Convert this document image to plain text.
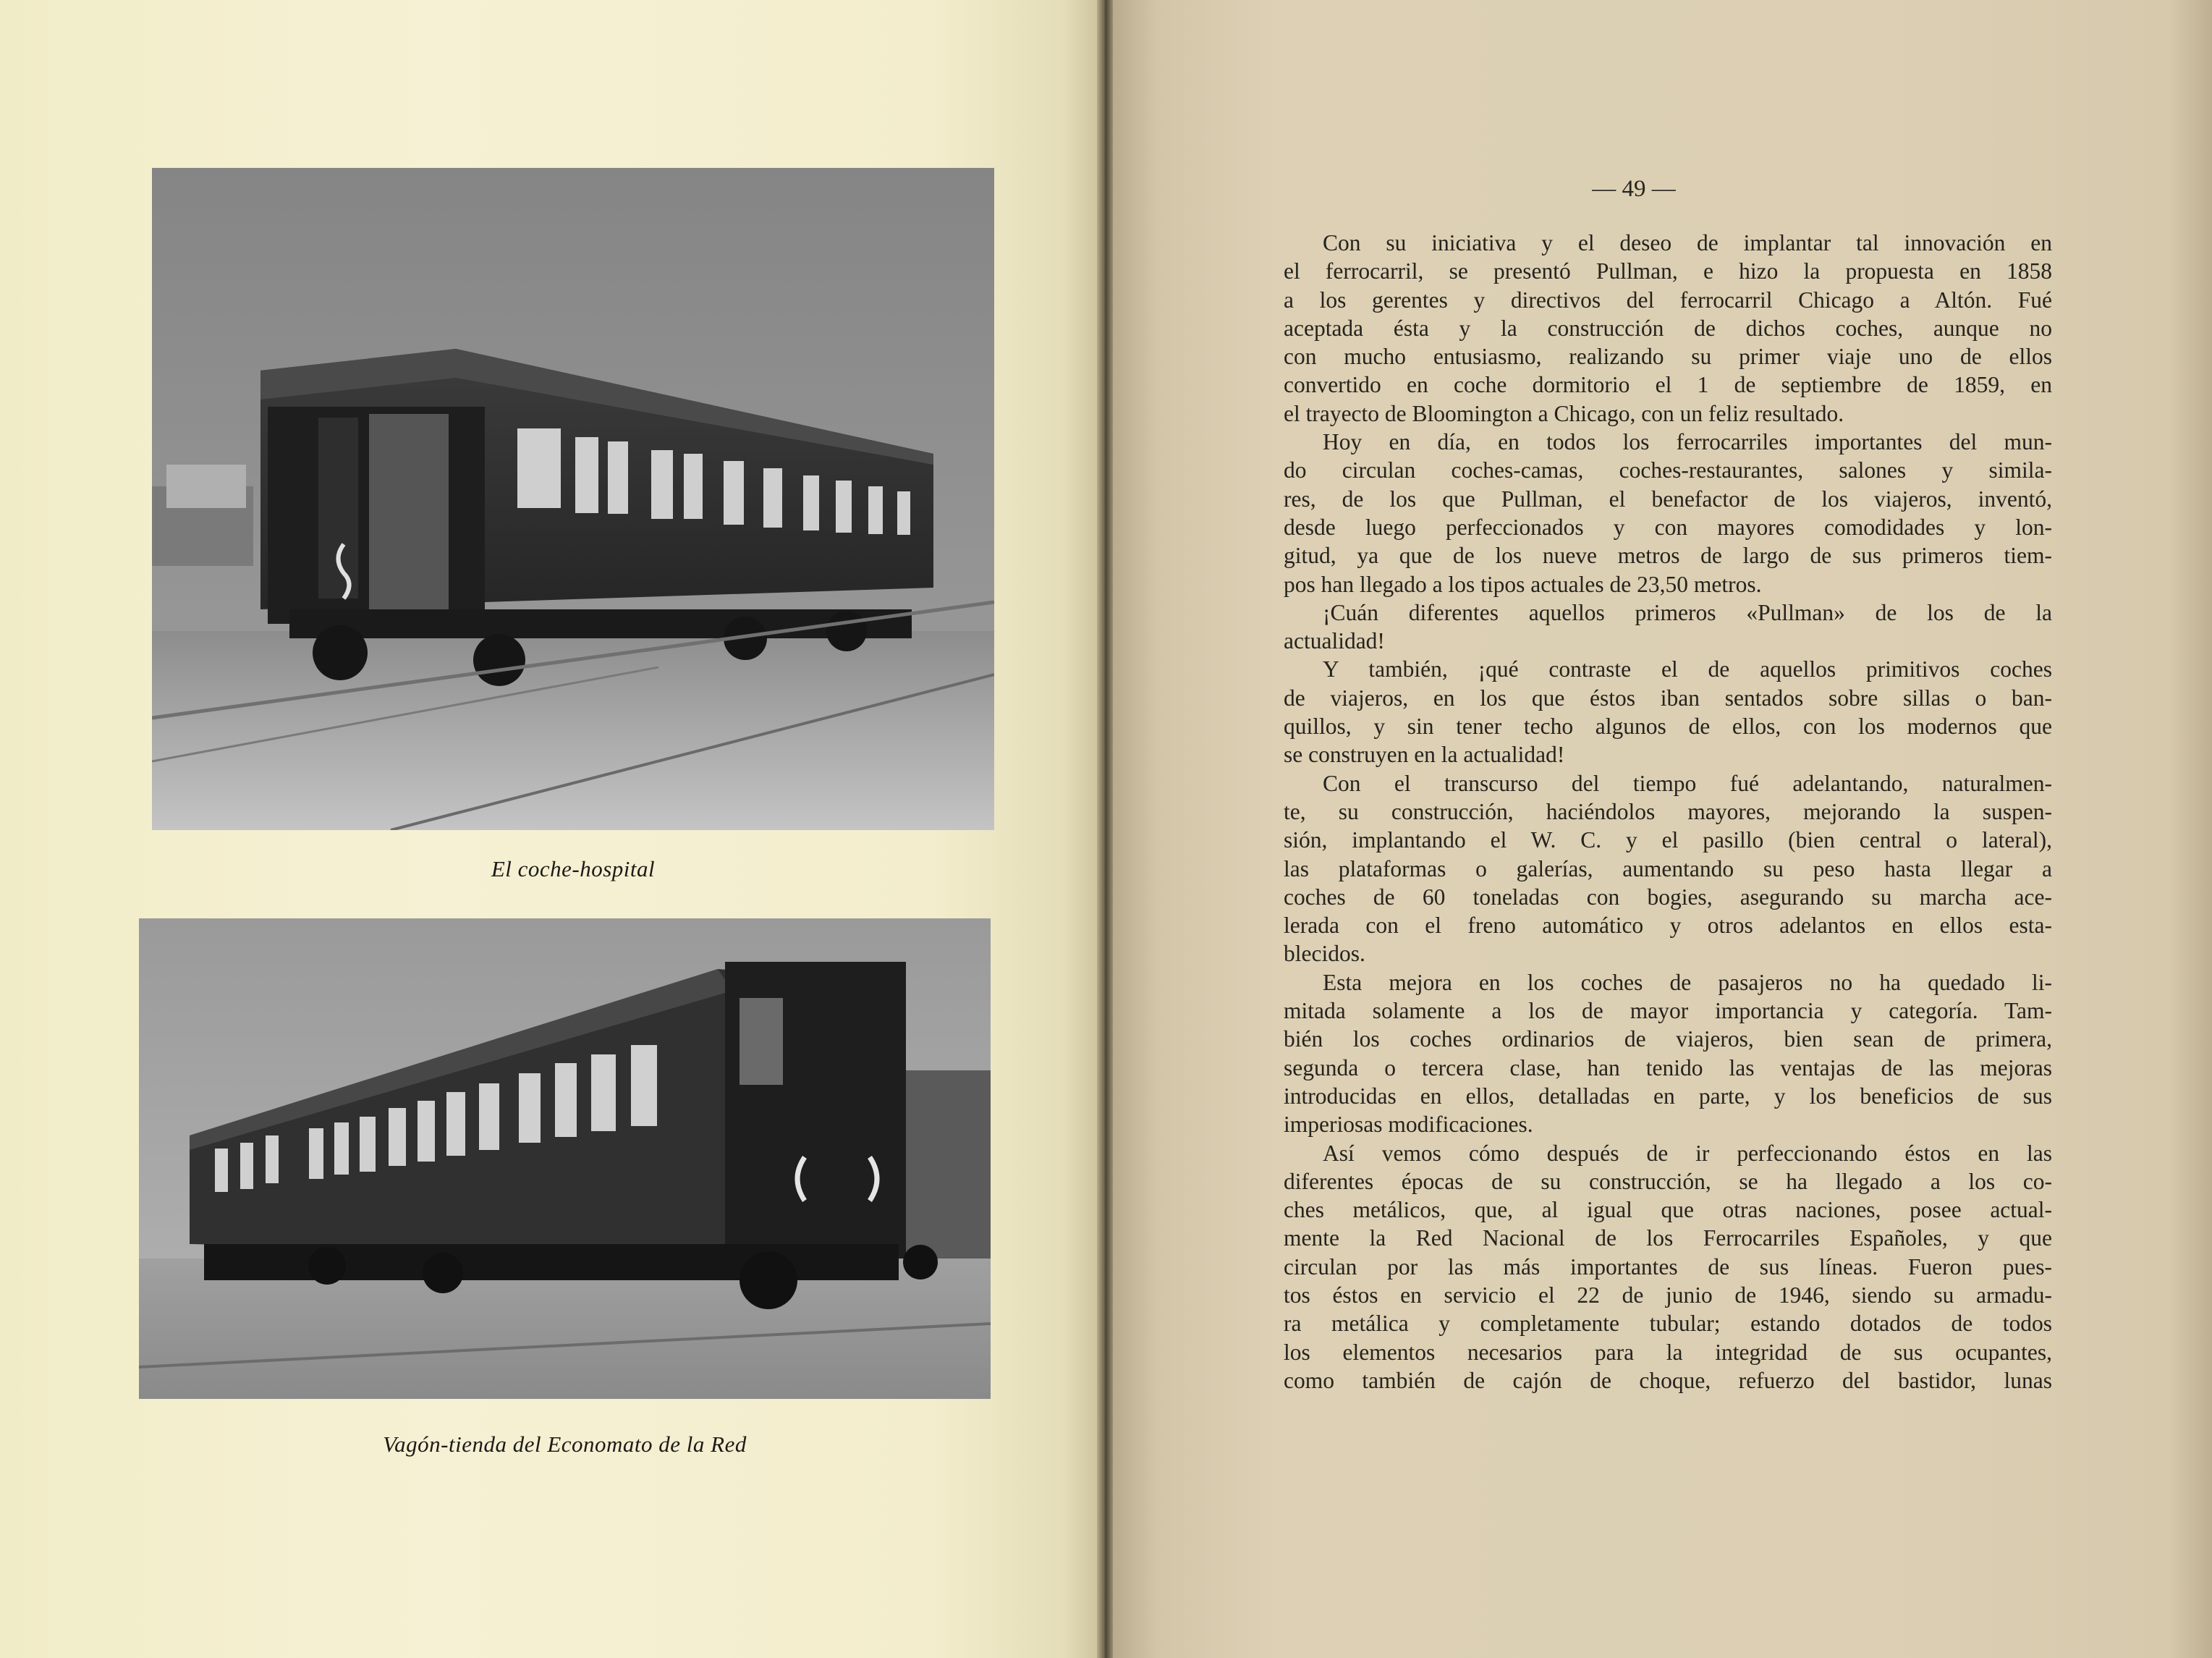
El coche-hospital
Vagón-tienda del Economato de la Red
— 49 —
Con su iniciativa y el deseo de implantar tal innovación en
el ferrocarril, se presentó Pullman, e hizo la propuesta en 1858
a los gerentes y directivos del ferrocarril Chicago a Altón. Fué
aceptada ésta y la construcción de dichos coches, aunque no
con mucho entusiasmo, realizando su primer viaje uno de ellos
convertido en coche dormitorio el 1 de septiembre de 1859, en
el trayecto de Bloomington a Chicago, con un feliz resultado.
Hoy en día, en todos los ferrocarriles importantes del mun-
do circulan coches-camas, coches-restaurantes, salones y simila-
res, de los que Pullman, el benefactor de los viajeros, inventó,
desde luego perfeccionados y con mayores comodidades y lon-
gitud, ya que de los nueve metros de largo de sus primeros tiem-
pos han llegado a los tipos actuales de 23,50 metros.
¡Cuán diferentes aquellos primeros «Pullman» de los de la
actualidad!
Y también, ¡qué contraste el de aquellos primitivos coches
de viajeros, en los que éstos iban sentados sobre sillas o ban-
quillos, y sin tener techo algunos de ellos, con los modernos que
se construyen en la actualidad!
Con el transcurso del tiempo fué adelantando, naturalmen-
te, su construcción, haciéndolos mayores, mejorando la suspen-
sión, implantando el W. C. y el pasillo (bien central o lateral),
las plataformas o galerías, aumentando su peso hasta llegar a
coches de 60 toneladas con bogies, asegurando su marcha ace-
lerada con el freno automático y otros adelantos en ellos esta-
blecidos.
Esta mejora en los coches de pasajeros no ha quedado li-
mitada solamente a los de mayor importancia y categoría. Tam-
bién los coches ordinarios de viajeros, bien sean de primera,
segunda o tercera clase, han tenido las ventajas de las mejoras
introducidas en ellos, detalladas en parte, y los beneficios de sus
imperiosas modificaciones.
Así vemos cómo después de ir perfeccionando éstos en las
diferentes épocas de su construcción, se ha llegado a los co-
ches metálicos, que, al igual que otras naciones, posee actual-
mente la Red Nacional de los Ferrocarriles Españoles, y que
circulan por las más importantes de sus líneas. Fueron pues-
tos éstos en servicio el 22 de junio de 1946, siendo su armadu-
ra metálica y completamente tubular; estando dotados de todos
los elementos necesarios para la integridad de sus ocupantes,
como también de cajón de choque, refuerzo del bastidor, lunas
